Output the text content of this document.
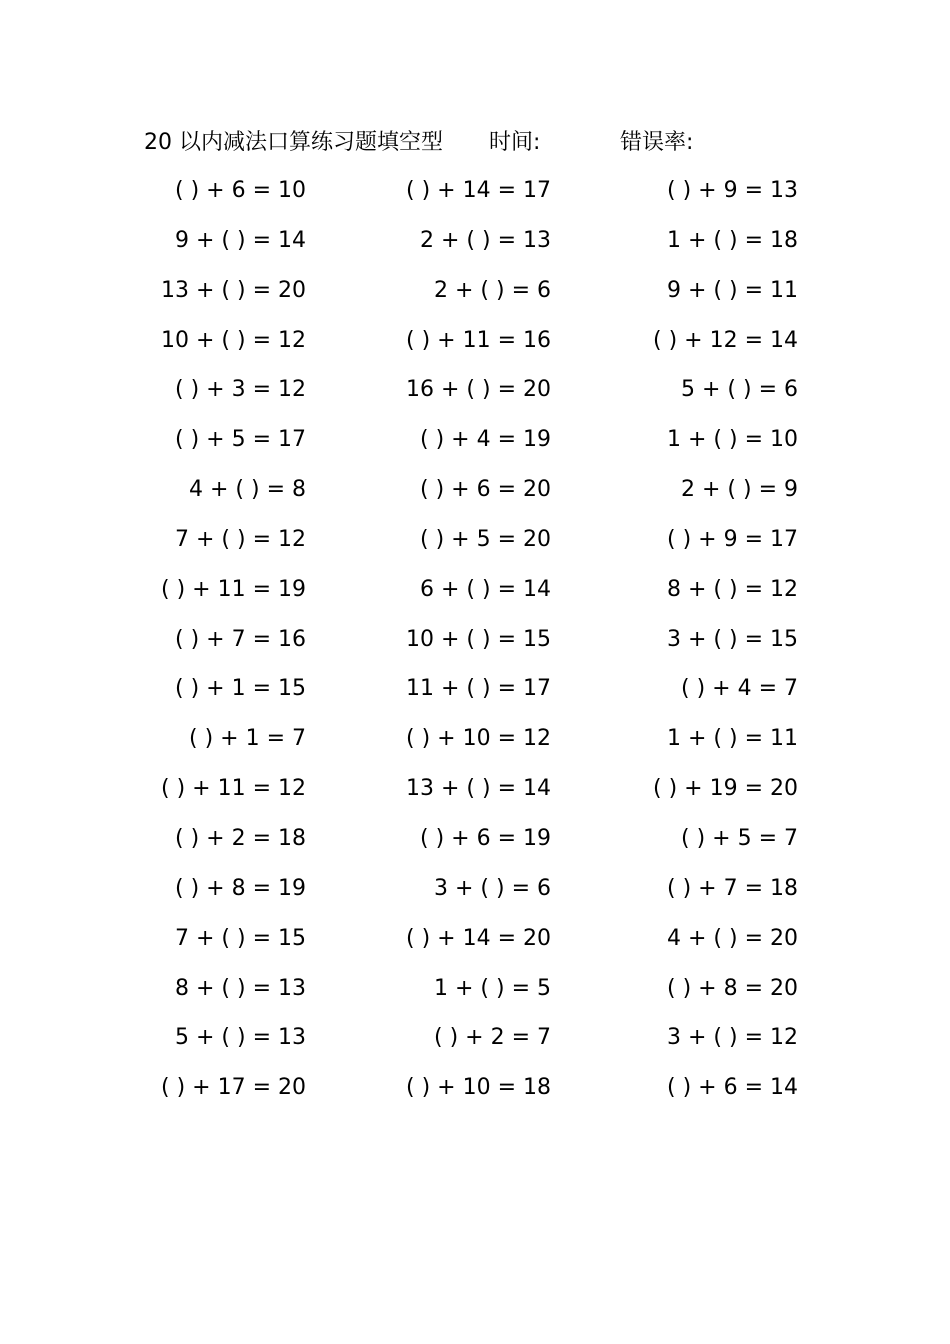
20 以内减法口算练习题填空型 时间:	错误率:
( ) + 6 = 10	( ) + 14 = 17	( ) + 9 = 13
9 + ( ) = 14	2 + ( ) = 13	1 + ( ) = 18
13 + ( ) = 20	2 + ( ) = 6	9 + ( ) = 11
10 + ( ) = 12	( ) + 11 = 16	( ) + 12 = 14
( ) + 3 = 12	16 + ( ) = 20	5 + ( ) = 6
( ) + 5 = 17	( ) + 4 = 19	1 + ( ) = 10
4 + ( ) = 8	( ) + 6 = 20	2 + ( ) = 9
7 + ( ) = 12	( ) + 5 = 20	( ) + 9 = 17
( ) + 11 = 19	6 + ( ) = 14	8 + ( ) = 12
( ) + 7 = 16	10 + ( ) = 15	3 + ( ) = 15
( ) + 1 = 15	11 + ( ) = 17	( ) + 4 = 7
( ) + 1 = 7	( ) + 10 = 12	1 + ( ) = 11
( ) + 11 = 12	13 + ( ) = 14	( ) + 19 = 20
( ) + 2 = 18	( ) + 6 = 19	( ) + 5 = 7
( ) + 8 = 19	3 + ( ) = 6	( ) + 7 = 18
7 + ( ) = 15	( ) + 14 = 20	4 + ( ) = 20
8 + ( ) = 13	1 + ( ) = 5	( ) + 8 = 20
5 + ( ) = 13	( ) + 2 = 7	3 + ( ) = 12
( ) + 17 = 20	( ) + 10 = 18	( ) + 6 = 14
